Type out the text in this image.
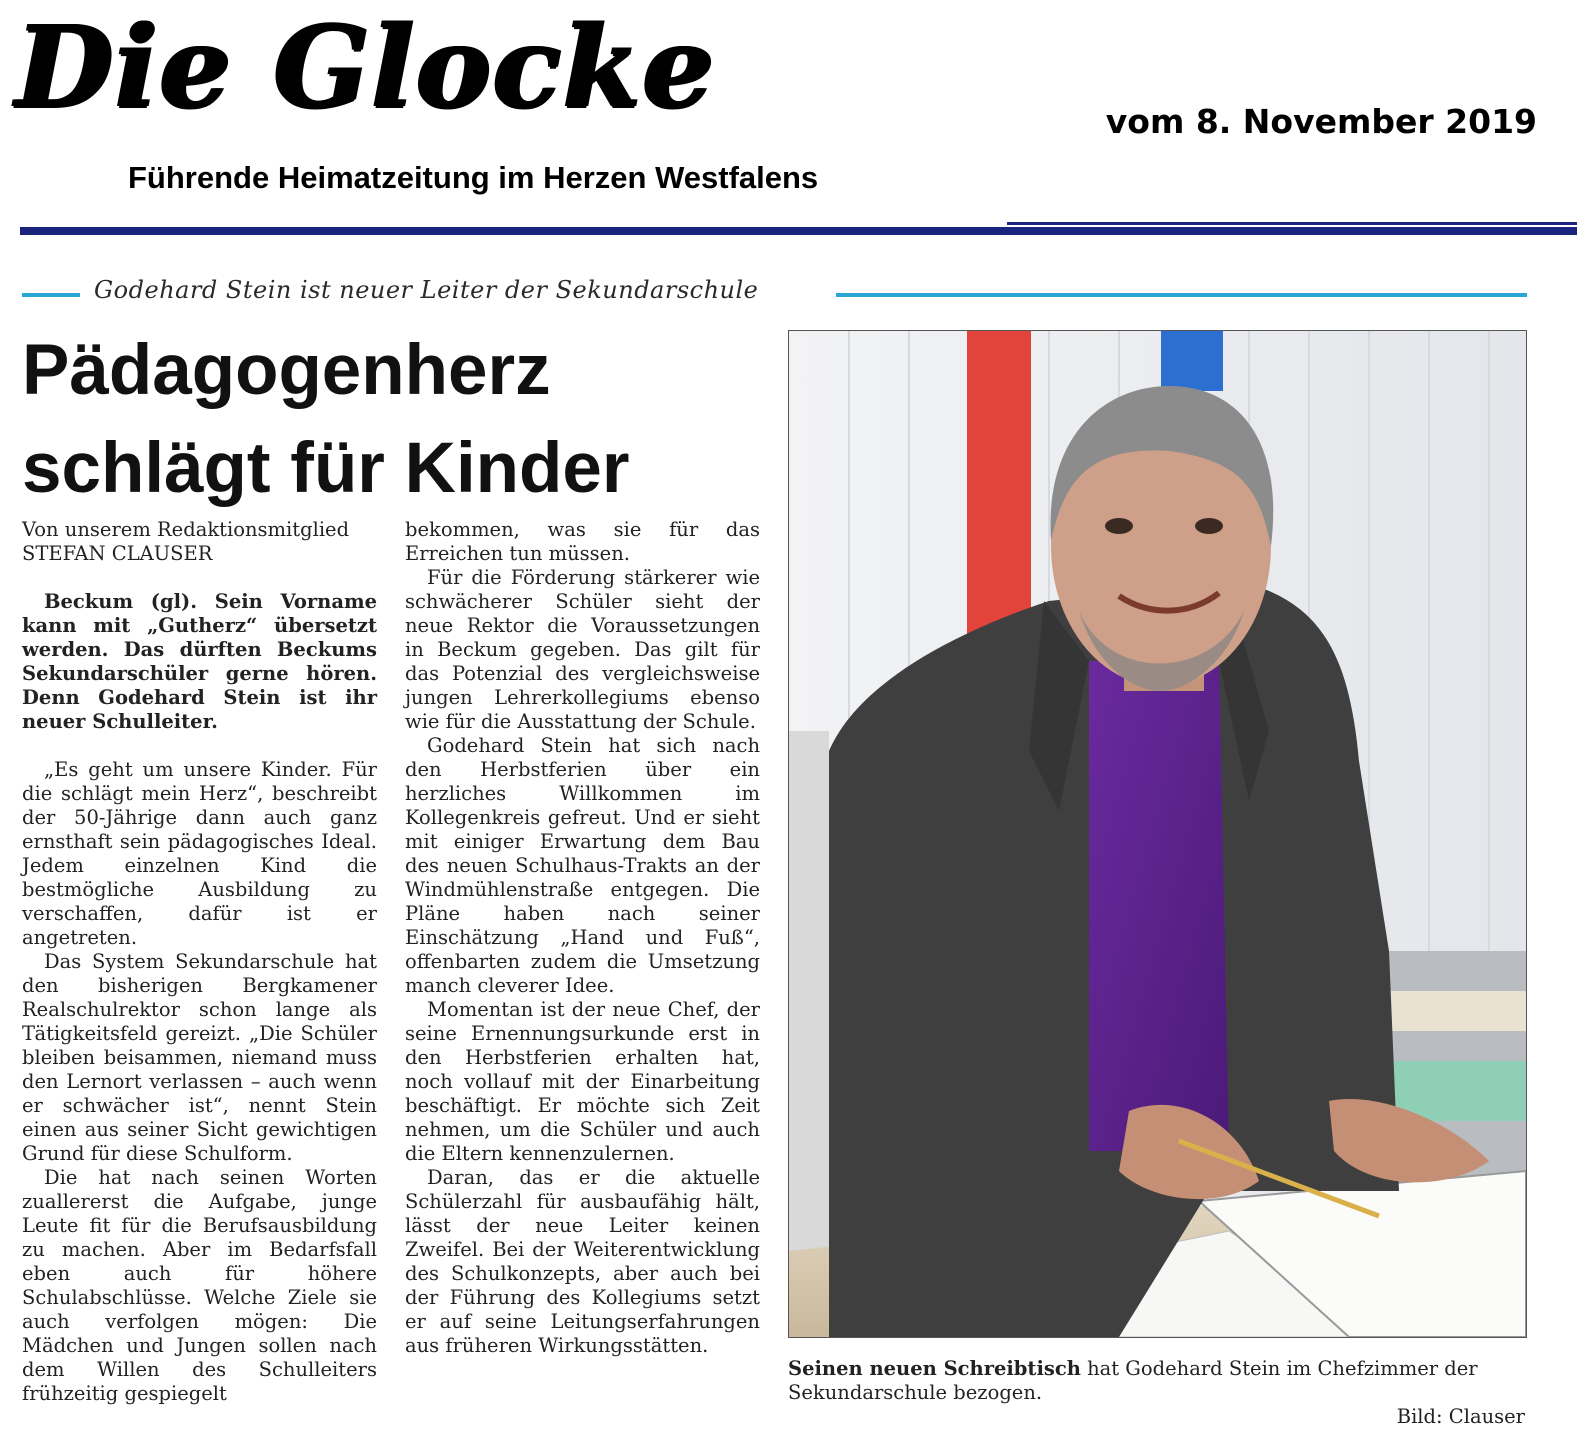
Die Glocke	vom 8. November 2019
Führende Heimatzeitung im Herzen Westfalens
Godehard Stein ist neuer Leiter der Sekundarschule
Pädagogenherz
schlägt für Kinder

Von unserem Redaktionsmitglied

STEFAN CLAUSER

Beckum (gl). Sein Vorname kann mit „Gutherz“ übersetzt werden. Das dürften Beckums Sekundarschüler gerne hören. Denn Godehard Stein ist ihr neuer Schulleiter.

„Es geht um unsere Kinder. Für die schlägt mein Herz“, beschreibt der 50-Jährige dann auch ganz ernsthaft sein pädagogisches Ideal. Jedem einzelnen Kind die bestmögliche Ausbildung zu verschaffen, dafür ist er angetreten.

Das System Sekundarschule hat den bisherigen Bergkamener Realschulrektor schon lange als Tätigkeitsfeld gereizt. „Die Schüler bleiben beisammen, niemand muss den Lernort verlassen – auch wenn er schwächer ist“, nennt Stein einen aus seiner Sicht gewichtigen Grund für diese Schulform.

Die hat nach seinen Worten zuallererst die Aufgabe, junge Leute fit für die Berufsausbildung zu machen. Aber im Bedarfsfall eben auch für höhere Schulabschlüsse. Welche Ziele sie auch verfolgen mögen: Die Mädchen und Jungen sollen nach dem Willen des Schulleiters frühzeitig gespiegelt

bekommen, was sie für das Erreichen tun müssen.

Für die Förderung stärkerer wie schwächerer Schüler sieht der neue Rektor die Voraussetzungen in Beckum gegeben. Das gilt für das Potenzial des vergleichsweise jungen Lehrerkollegiums ebenso wie für die Ausstattung der Schule.

Godehard Stein hat sich nach den Herbstferien über ein herzliches Willkommen im Kollegenkreis gefreut. Und er sieht mit einiger Erwartung dem Bau des neuen Schulhaus-Trakts an der Windmühlenstraße entgegen. Die Pläne haben nach seiner Einschätzung „Hand und Fuß“, offenbarten zudem die Umsetzung manch cleverer Idee.

Momentan ist der neue Chef, der seine Ernennungsurkunde erst in den Herbstferien erhalten hat, noch vollauf mit der Einarbeitung beschäftigt. Er möchte sich Zeit nehmen, um die Schüler und auch die Eltern kennenzulernen.

Daran, das er die aktuelle Schülerzahl für ausbaufähig hält, lässt der neue Leiter keinen Zweifel. Bei der Weiterentwicklung des Schulkonzepts, aber auch bei der Führung des Kollegiums setzt er auf seine Leitungserfahrungen aus früheren Wirkungsstätten.

Seinen neuen Schreibtisch hat Godehard Stein im Chefzimmer der Sekundarschule bezogen.
Bild: Clauser
